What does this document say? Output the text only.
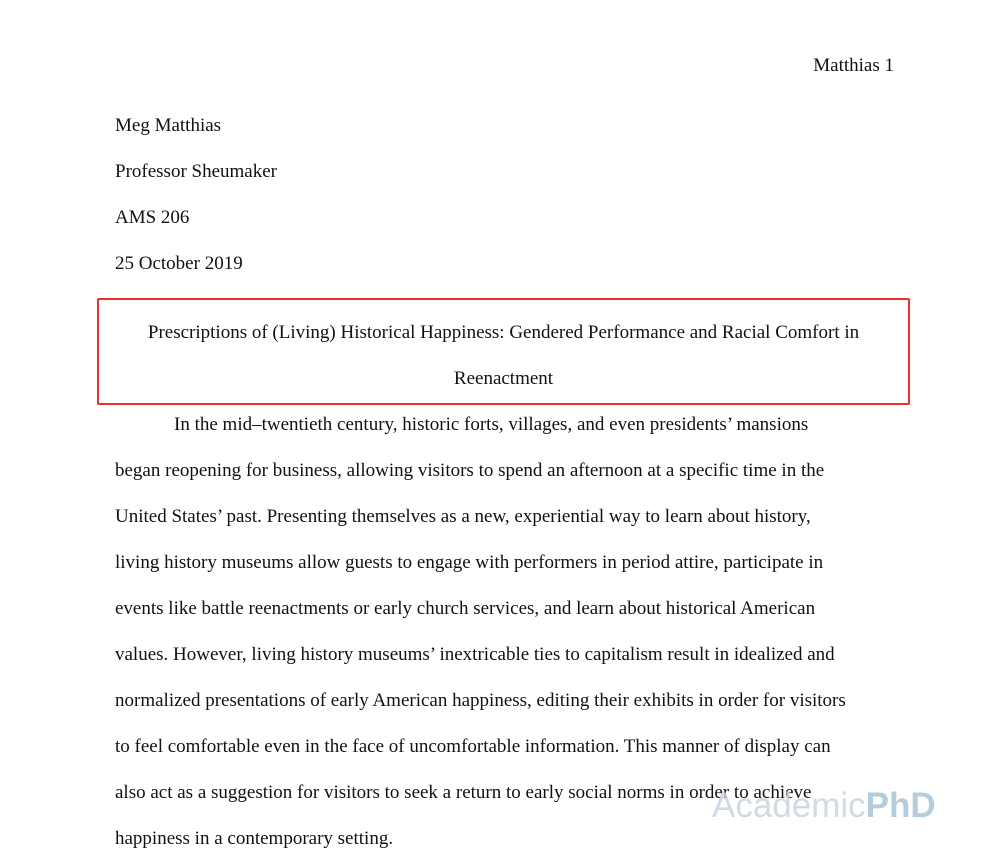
Matthias 1
Meg Matthias
Professor Sheumaker
AMS 206
25 October 2019
Prescriptions of (Living) Historical Happiness: Gendered Performance and Racial Comfort in
Reenactment
In the mid–twentieth century, historic forts, villages, and even presidents’ mansions
began reopening for business, allowing visitors to spend an afternoon at a specific time in the
United States’ past. Presenting themselves as a new, experiential way to learn about history,
living history museums allow guests to engage with performers in period attire, participate in
events like battle reenactments or early church services, and learn about historical American
values. However, living history museums’ inextricable ties to capitalism result in idealized and
normalized presentations of early American happiness, editing their exhibits in order for visitors
to feel comfortable even in the face of uncomfortable information. This manner of display can
also act as a suggestion for visitors to seek a return to early social norms in order to achieve
happiness in a contemporary setting.
AcademicPhD
